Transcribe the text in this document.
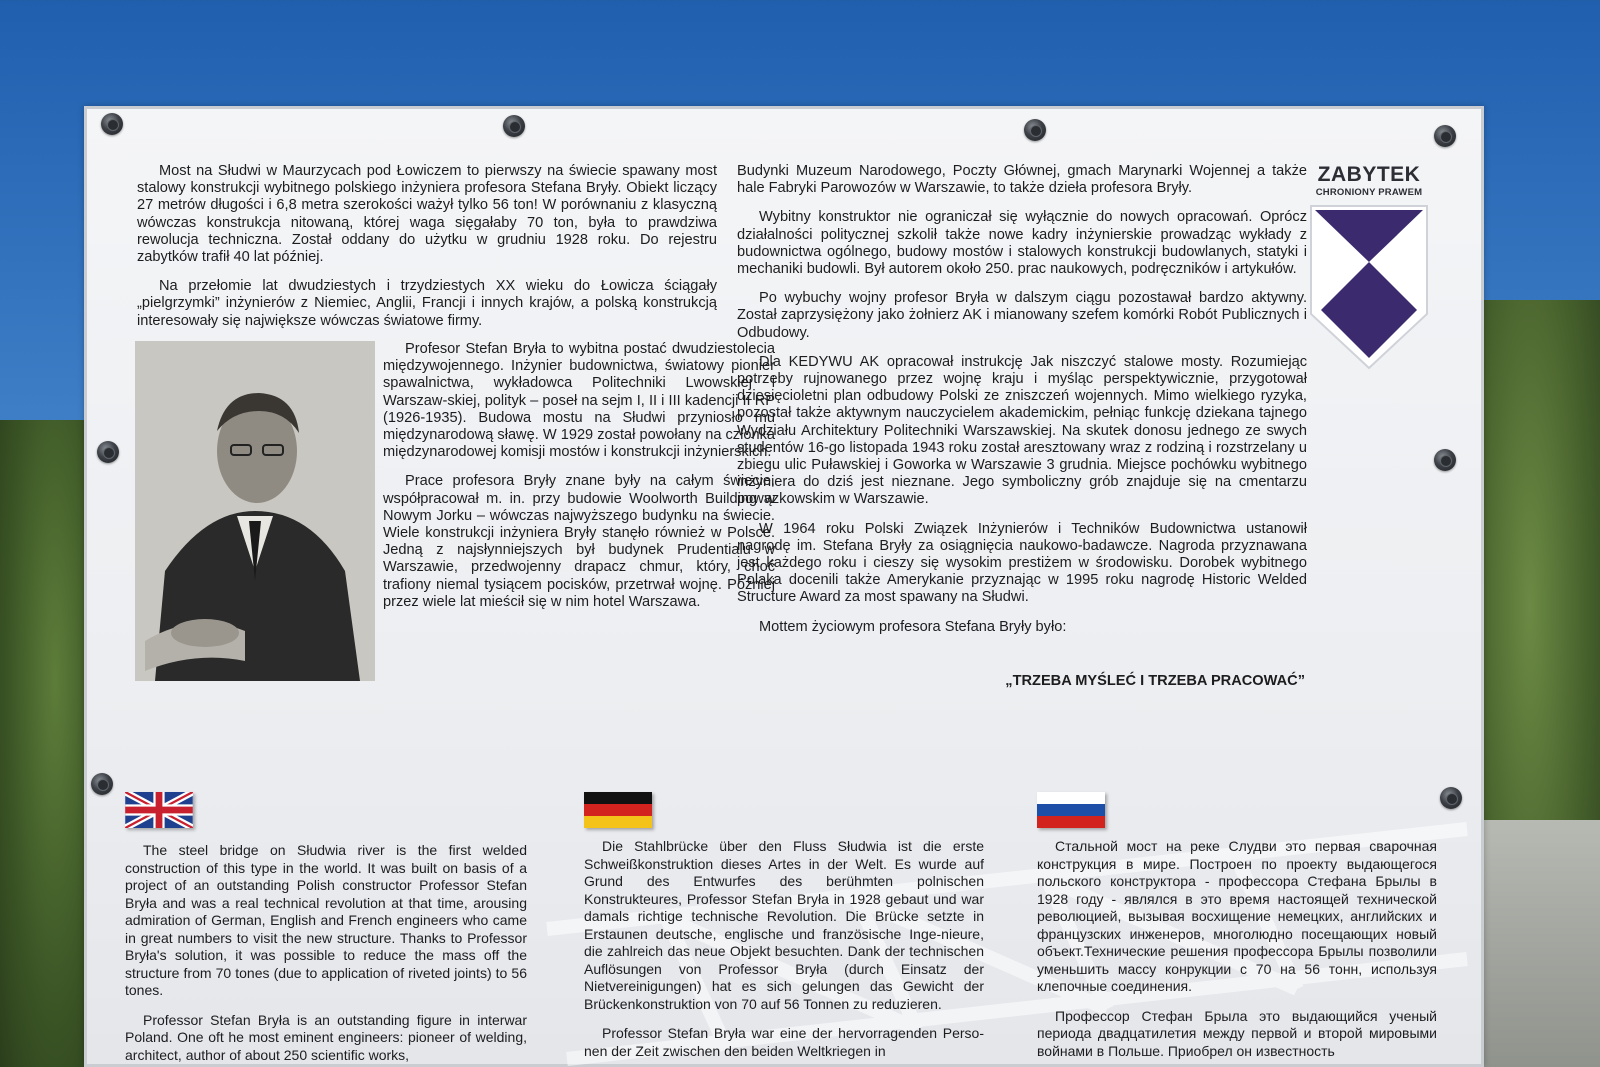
Most na Słudwi w Maurzycach pod Łowiczem to pierwszy na świecie spawany most stalowy konstrukcji wybitnego polskiego inżyniera profesora Stefana Bryły. Obiekt liczący 27 metrów długości i 6,8 metra szerokości ważył tylko 56 ton! W porównaniu z klasyczną wówczas konstrukcja nitowaną, której waga sięgałaby 70 ton, była to prawdziwa rewolucja techniczna. Został oddany do użytku w grudniu 1928 roku. Do rejestru zabytków trafił 40 lat później.

Na przełomie lat dwudziestych i trzydziestych XX wieku do Łowicza ściągały „pielgrzymki” inżynierów z Niemiec, Anglii, Francji i innych krajów, a polską konstrukcją interesowały się największe wówczas światowe firmy.

Profesor Stefan Bryła to wybitna postać dwudziestolecia międzywojennego. Inżynier budownictwa, światowy pionier spawalnictwa, wykładowca Politechniki Lwowskiej i Warszaw-skiej, polityk – poseł na sejm I, II i III kadencji II RP (1926-1935). Budowa mostu na Słudwi przyniosło mu międzynarodową sławę. W 1929 został powołany na członka międzynarodowej komisji mostów i konstrukcji inżynierskich.

Prace profesora Bryły znane były na całym świecie, współpracował m. in. przy budowie Woolworth Building w Nowym Jorku – wówczas najwyższego budynku na świecie. Wiele konstrukcji inżyniera Bryły stanęło również w Polsce. Jedną z najsłynniejszych był budynek Prudentialu w Warszawie, przedwojenny drapacz chmur, który, choć trafiony niemal tysiącem pocisków, przetrwał wojnę. Później przez wiele lat mieścił się w nim hotel Warszawa.

Budynki Muzeum Narodowego, Poczty Głównej, gmach Marynarki Wojennej a także hale Fabryki Parowozów w Warszawie, to także dzieła profesora Bryły.

Wybitny konstruktor nie ograniczał się wyłącznie do nowych opracowań. Oprócz działalności politycznej szkolił także nowe kadry inżynierskie prowadząc wykłady z budownictwa ogólnego, budowy mostów i stalowych konstrukcji budowlanych, statyki i mechaniki budowli. Był autorem około 250. prac naukowych, podręczników i artykułów.

Po wybuchy wojny profesor Bryła w dalszym ciągu pozostawał bardzo aktywny. Został zaprzysiężony jako żołnierz AK i mianowany szefem komórki Robót Publicznych i Odbudowy.

Dla KEDYWU AK opracował instrukcję Jak niszczyć stalowe mosty. Rozumiejąc potrzeby rujnowanego przez wojnę kraju i myśląc perspektywicznie, przygotował dziesięcioletni plan odbudowy Polski ze zniszczeń wojennych. Mimo wielkiego ryzyka, pozostał także aktywnym nauczycielem akademickim, pełniąc funkcję dziekana tajnego Wydziału Architektury Politechniki Warszawskiej. Na skutek donosu jednego ze swych studentów 16-go listopada 1943 roku został aresztowany wraz z rodziną i rozstrzelany u zbiegu ulic Puławskiej i Goworka w Warszawie 3 grudnia. Miejsce pochówku wybitnego inżyniera do dziś jest nieznane. Jego symboliczny grób znajduje się na cmentarzu powązkowskim w Warszawie.

W 1964 roku Polski Związek Inżynierów i Techników Budownictwa ustanowił nagrodę im. Stefana Bryły za osiągnięcia naukowo-badawcze. Nagroda przyznawana jest każdego roku i cieszy się wysokim prestiżem w środowisku. Dorobek wybitnego Polaka docenili także Amerykanie przyznając w 1995 roku nagrodę Historic Welded Structure Award za most spawany na Słudwi.

Mottem życiowym profesora Stefana Bryły było:

„TRZEBA MYŚLEĆ I TRZEBA PRACOWAĆ”
ZABYTEK
CHRONIONY PRAWEM

The steel bridge on Słudwia river is the first welded construction of this type in the world. It was built on basis of a project of an outstanding Polish constructor Professor Stefan Bryła and was a real technical revolution at that time, arousing admiration of German, English and French engineers who came in great numbers to visit the new structure. Thanks to Professor Bryła's solution, it was possible to reduce the mass off the structure from 70 tones (due to application of riveted joints) to 56 tones.

Professor Stefan Bryła is an outstanding figure in interwar Poland. One oft he most eminent engineers: pioneer of welding, architect, author of about 250 scientific works,

Die Stahlbrücke über den Fluss Słudwia ist die erste Schweißkonstruktion dieses Artes in der Welt. Es wurde auf Grund des Entwurfes des berühmten polnischen Konstrukteures, Professor Stefan Bryła in 1928 gebaut und war damals richtige technische Revolution. Die Brücke setzte in Erstaunen deutsche, englische und französische Inge-nieure, die zahlreich das neue Objekt besuchten. Dank der technischen Auflösungen von Professor Bryła (durch Einsatz der Nietvereinigungen) hat es sich gelungen das Gewicht der Brückenkonstruktion von 70 auf 56 Tonnen zu reduzieren.

Professor Stefan Bryła war eine der hervorragenden Perso-nen der Zeit zwischen den beiden Weltkriegen in

Стальной мост на реке Слудви это первая сварочная конструкция в мире. Построен по проекту выдающегося польского конструктора - профессора Стефана Брылы в 1928 году - являлся в это время настоящей технической революцией, вызывая восхищение немецких, английских и французских инженеров, многолюдно посещающих новый объект.Технические решения профессора Брылы позволили уменьшить массу конрукции с 70 на 56 тонн, используя клепочные соединения.

Профессор Стефан Брыла это выдающийся ученый периода двадцатилетия между первой и второй мировыми войнами в Польше. Приобрел он известность
